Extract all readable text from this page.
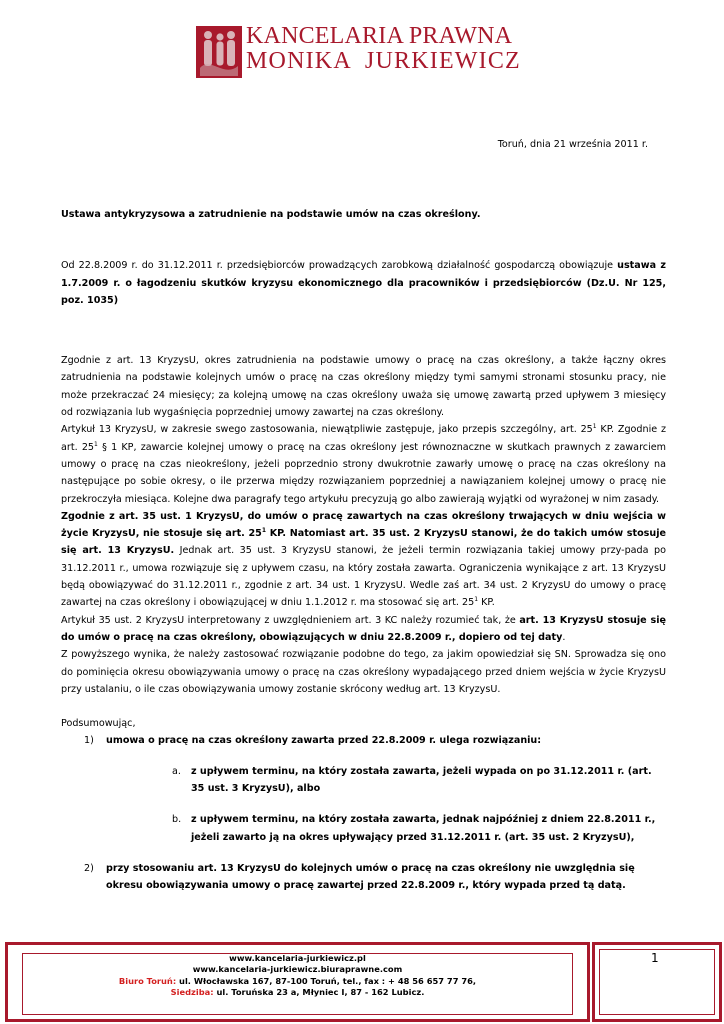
KANCELARIA PRAWNA
MONIKA  JURKIEWICZ
Toruń, dnia 21 września 2011 r.

Ustawa antykryzysowa a zatrudnienie na podstawie umów na czas określony.

Od 22.8.2009 r. do 31.12.2011 r. przedsiębiorców prowadzących zarobkową działalność gospodarczą obowiązuje ustawa z 1.7.2009 r. o łagodzeniu skutków kryzysu ekonomicznego dla pracowników i przedsiębiorców (Dz.U. Nr 125, poz. 1035)

Zgodnie z art. 13 KryzysU, okres zatrudnienia na podstawie umowy o pracę na czas określony, a także łączny okres zatrudnienia na podstawie kolejnych umów o pracę na czas określony między tymi samymi stronami stosunku pracy, nie może przekraczać 24 miesięcy; za kolejną umowę na czas określony uważa się umowę zawartą przed upływem 3 miesięcy od rozwiązania lub wygaśnięcia poprzedniej umowy zawartej na czas określony.

Artykuł 13 KryzysU, w zakresie swego zastosowania, niewątpliwie zastępuje, jako przepis szczególny, art. $25^1$ KP. Zgodnie z art. $25^1$ § 1 KP, zawarcie kolejnej umowy o pracę na czas określony jest równoznaczne w skutkach prawnych z zawarciem umowy o pracę na czas nieokreślony, jeżeli poprzednio strony dwukrotnie zawarły umowę o pracę na czas określony na następujące po sobie okresy, o ile przerwa między rozwiązaniem poprzedniej a nawiązaniem kolejnej umowy o pracę nie przekroczyła miesiąca. Kolejne dwa paragrafy tego artykułu precyzują go albo zawierają wyjątki od wyrażonej w nim zasady.

Zgodnie z art. 35 ust. 1 KryzysU, do umów o pracę zawartych na czas określony trwających w dniu wejścia w życie KryzysU, nie stosuje się art. $25^1$ KP. Natomiast art. 35 ust. 2 KryzysU stanowi, że do takich umów stosuje się art. 13 KryzysU. Jednak art. 35 ust. 3 KryzysU stanowi, że jeżeli termin rozwiązania takiej umowy przy-pada po 31.12.2011 r., umowa rozwiązuje się z upływem czasu, na który została zawarta. Ograniczenia wynikające z art. 13 KryzysU będą obowiązywać do 31.12.2011 r., zgodnie z art. 34 ust. 1 KryzysU. Wedle zaś art. 34 ust. 2 KryzysU do umowy o pracę zawartej na czas określony i obowiązującej w dniu 1.1.2012 r. ma stosować się art. $25^1$ KP.

Artykuł 35 ust. 2 KryzysU interpretowany z uwzględnieniem art. 3 KC należy rozumieć tak, że art. 13 KryzysU stosuje się do umów o pracę na czas określony, obowiązujących w dniu 22.8.2009 r., dopiero od tej daty.

Z powyższego wynika, że należy zastosować rozwiązanie podobne do tego, za jakim opowiedział się SN. Sprowadza się ono do pominięcia okresu obowiązywania umowy o pracę na czas określony wypadającego przed dniem wejścia w życie KryzysU przy ustalaniu, o ile czas obowiązywania umowy zostanie skrócony według art. 13 KryzysU.

Podsumowując,

1) umowa o pracę na czas określony zawarta przed 22.8.2009 r. ulega rozwiązaniu:
a. z upływem terminu, na który została zawarta, jeżeli wypada on po 31.12.2011 r. (art. 35 ust. 3 KryzysU), albo
b. z upływem terminu, na który została zawarta, jednak najpóźniej z dniem 22.8.2011 r., jeżeli zawarto ją na okres upływający przed 31.12.2011 r. (art. 35 ust. 2 KryzysU),
2) przy stosowaniu art. 13 KryzysU do kolejnych umów o pracę na czas określony nie uwzględnia się okresu obowiązywania umowy o pracę zawartej przed 22.8.2009 r., który wypada przed tą datą.
www.kancelaria-jurkiewicz.pl
www.kancelaria-jurkiewicz.biuraprawne.com
Biuro Toruń: ul. Włocławska 167, 87-100 Toruń, tel., fax : + 48 56 657 77 76,
Siedziba: ul. Toruńska 23 a, Młyniec I, 87 - 162 Lubicz.
1
